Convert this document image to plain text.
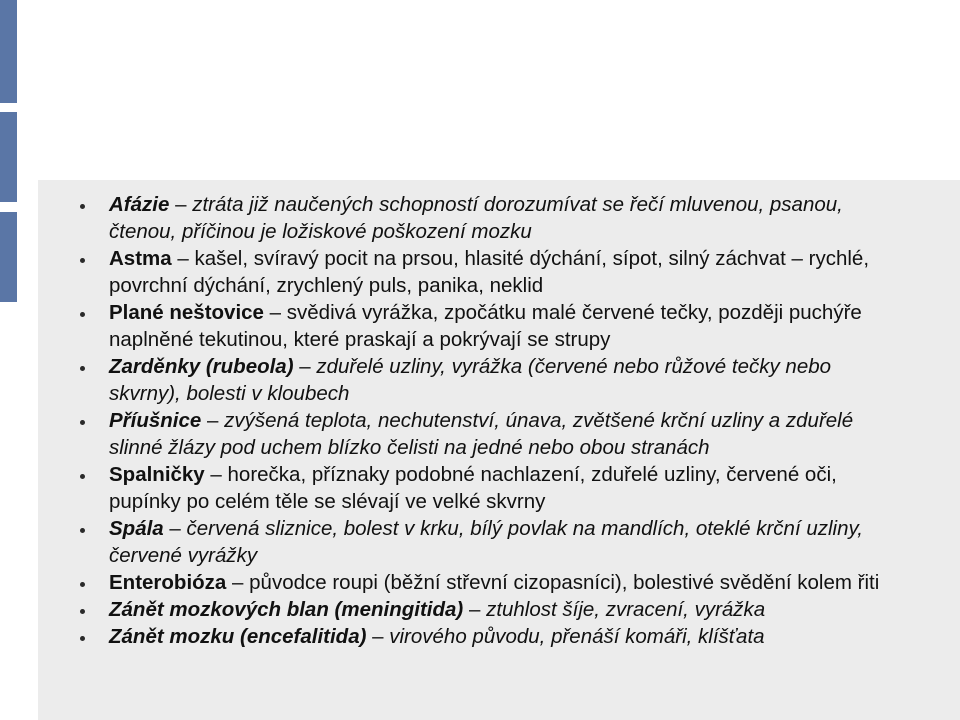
Afázie – ztráta již naučených schopností dorozumívat se řečí mluvenou, psanou, čtenou, příčinou je ložiskové poškození mozku
Astma – kašel, svíravý pocit na prsou, hlasité dýchání, sípot, silný záchvat – rychlé, povrchní dýchání, zrychlený puls, panika, neklid
Plané neštovice – svědivá vyrážka, zpočátku malé červené tečky, později puchýře naplněné tekutinou, které praskají a pokrývají se strupy
Zarděnky (rubeola) – zduřelé uzliny, vyrážka (červené nebo růžové tečky nebo skvrny), bolesti v kloubech
Příušnice – zvýšená teplota, nechutenství, únava, zvětšené krční uzliny a zduřelé slinné žlázy pod uchem blízko čelisti na jedné nebo obou stranách
Spalničky – horečka, příznaky podobné nachlazení, zduřelé uzliny, červené oči, pupínky po celém těle se slévají ve velké skvrny
Spála – červená sliznice, bolest v krku, bílý povlak na mandlích, oteklé krční uzliny, červené vyrážky
Enterobióza – původce roupi (běžní střevní cizopasníci), bolestivé svědění kolem řiti
Zánět mozkových blan (meningitida) – ztuhlost šíje, zvracení, vyrážka
Zánět mozku (encefalitida) – virového původu, přenáší komáři, klíšťata
